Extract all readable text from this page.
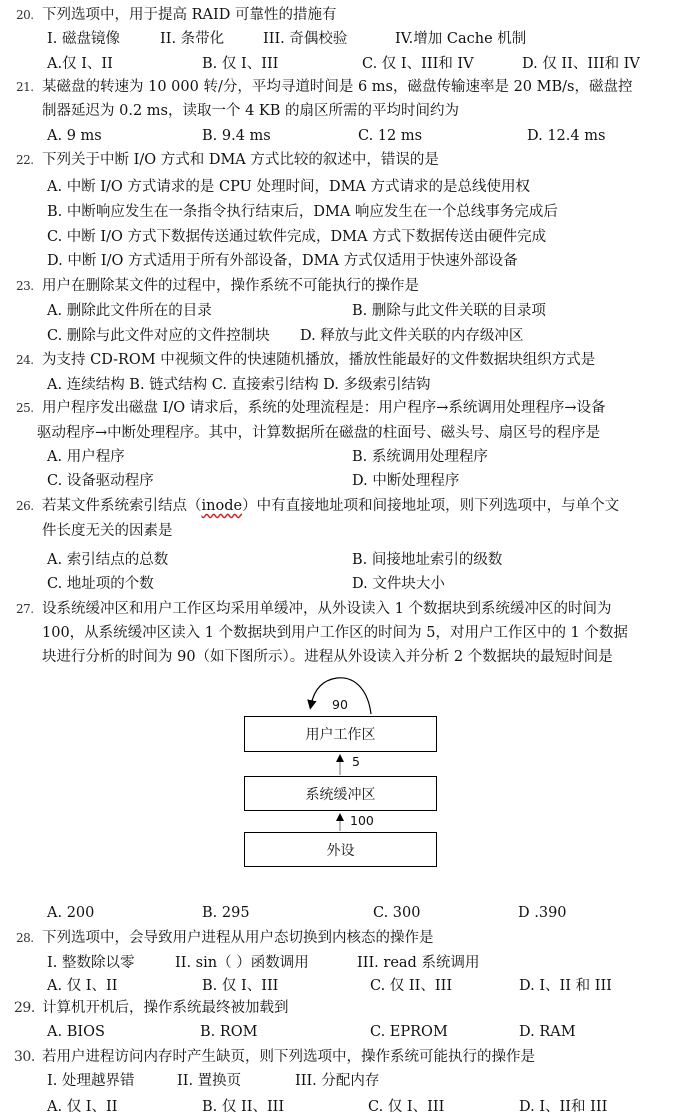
20. 下列选项中，用于提高 RAID 可靠性的措施有
I. 磁盘镜像	II. 条带化	III. 奇偶校验	IV.增加 Cache 机制
A.仅 I、II	B. 仅 I、III	C. 仅 I、III和 IV	D. 仅 II、III和 IV
21. 某磁盘的转速为 10 000 转/分，平均寻道时间是 6 ms，磁盘传输速率是 20 MB/s，磁盘控
制器延迟为 0.2 ms，读取一个 4 KB 的扇区所需的平均时间约为
A. 9 ms	B. 9.4 ms	C. 12 ms	D. 12.4 ms
22. 下列关于中断 I/O 方式和 DMA 方式比较的叙述中，错误的是
A. 中断 I/O 方式请求的是 CPU 处理时间，DMA 方式请求的是总线使用权
B. 中断响应发生在一条指令执行结束后，DMA 响应发生在一个总线事务完成后
C. 中断 I/O 方式下数据传送通过软件完成，DMA 方式下数据传送由硬件完成
D. 中断 I/O 方式适用于所有外部设备，DMA 方式仅适用于快速外部设备
23. 用户在删除某文件的过程中，操作系统不可能执行的操作是
A. 删除此文件所在的目录	B. 删除与此文件关联的目录项
C. 删除与此文件对应的文件控制块 D. 释放与此文件关联的内存级冲区
24. 为支持 CD-ROM 中视频文件的快速随机播放，播放性能最好的文件数据块组织方式是
A. 连续结构 B. 链式结构 C. 直接索引结构 D. 多级索引结钩
25. 用户程序发出磁盘 I/O 请求后，系统的处理流程是：用户程序→系统调用处理程序→设备
驱动程序→中断处理程序。其中，计算数据所在磁盘的柱面号、磁头号、扇区号的程序是
A. 用户程序	B. 系统调用处理程序
C. 设备驱动程序	D. 中断处理程序
26. 若某文件系统索引结点（inode）中有直接地址项和间接地址项，则下列选项中，与单个文
件长度无关的因素是
A. 索引结点的总数	B. 间接地址索引的级数
C. 地址项的个数	D. 文件块大小
27. 设系统缓冲区和用户工作区均采用单缓冲，从外设读入 1 个数据块到系统缓冲区的时间为
100，从系统缓冲区读入 1 个数据块到用户工作区的时间为 5，对用户工作区中的 1 个数据
块进行分析的时间为 90（如下图所示）。进程从外设读入并分析 2 个数据块的最短时间是
90
用户工作区
5
系统缓冲区
100
外设
A. 200	B. 295	C. 300	D .390
28. 下列选项中，会导致用户进程从用户态切换到内核态的操作是
I. 整数除以零	II. sin（ ）函数调用	III. read 系统调用
A. 仅 I、II	B. 仅 I、III	C. 仅 II、III	D. I、II 和 III
29. 计算机开机后，操作系统最终被加载到
A. BIOS	B. ROM	C. EPROM	D. RAM
30. 若用户进程访问内存时产生缺页，则下列选项中，操作系统可能执行的操作是
I. 处理越界错	II. 置换页	III. 分配内存
A. 仅 I、II	B. 仅 II、III	C. 仅 I、III	D. I、II和 III
